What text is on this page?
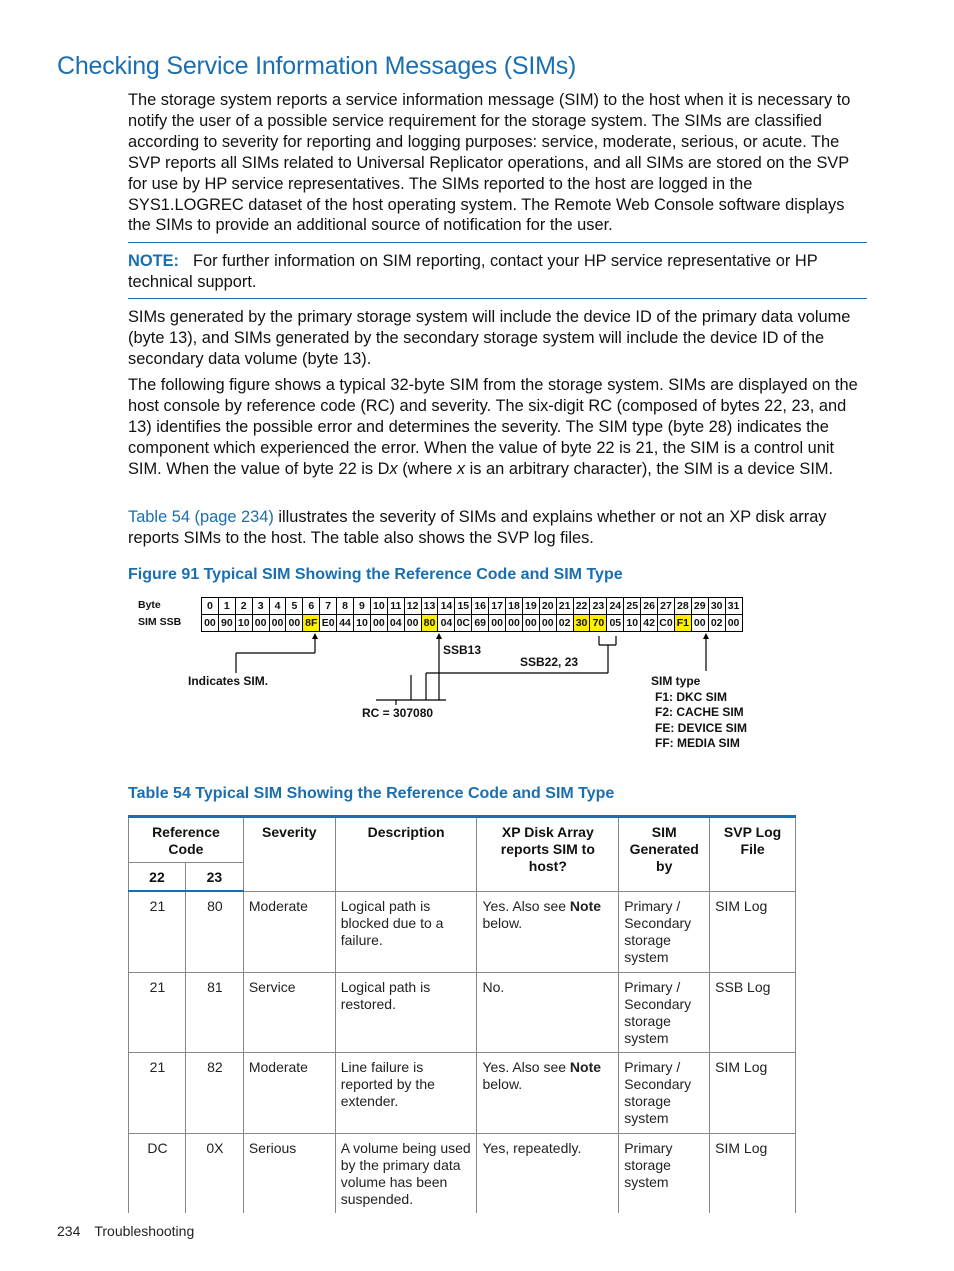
Checking Service Information Messages (SIMs)
The storage system reports a service information message (SIM) to the host when it is necessary to notify the user of a possible service requirement for the storage system. The SIMs are classified according to severity for reporting and logging purposes: service, moderate, serious, or acute. The SVP reports all SIMs related to Universal Replicator operations, and all SIMs are stored on the SVP for use by HP service representatives. The SIMs reported to the host are logged in the SYS1.LOGREC dataset of the host operating system. The Remote Web Console software displays the SIMs to provide an additional source of notification for the user.
NOTE: For further information on SIM reporting, contact your HP service representative or HP technical support.
SIMs generated by the primary storage system will include the device ID of the primary data volume (byte 13), and SIMs generated by the secondary storage system will include the device ID of the secondary data volume (byte 13).
The following figure shows a typical 32-byte SIM from the storage system. SIMs are displayed on the host console by reference code (RC) and severity. The six-digit RC (composed of bytes 22, 23, and 13) identifies the possible error and determines the severity. The SIM type (byte 28) indicates the component which experienced the error. When the value of byte 22 is 21, the SIM is a control unit SIM. When the value of byte 22 is Dx (where x is an arbitrary character), the SIM is a device SIM.
Table 54 (page 234) illustrates the severity of SIMs and explains whether or not an XP disk array reports SIMs to the host. The table also shows the SVP log files.
Figure 91 Typical SIM Showing the Reference Code and SIM Type
Byte	0	1	2	3	4	5	6	7	8	9 10 11 12 13 14 15 16 17 18 19 20 21 22 23 24 25 26 27 28 29 30 31
SIM SSB	00 90 10 00 00 00 8F E0 44 10 00 04 00 80 04 0C 69 00 00 00 00 02 30 70 05 10 42 C0 F1 00 02 00
Indicates SIM.
SSB13
SSB22, 23
RC = 307080
SIM type
F1: DKC SIM
F2: CACHE SIM
FE: DEVICE SIM
FF: MEDIA SIM
Table 54 Typical SIM Showing the Reference Code and SIM Type
Reference Code		Severity	Description	XP Disk Array reports SIM to host?	SIM Generated by	SVP Log File
22	23					
21	80	Moderate	Logical path is blocked due to a failure.	Yes. Also see Note below.	Primary / Secondary storage system	SIM Log
21	81	Service	Logical path is restored.	No.	Primary / Secondary storage system	SSB Log
21	82	Moderate	Line failure is reported by the extender.	Yes. Also see Note below.	Primary / Secondary storage system	SIM Log
DC	0X	Serious	A volume being used by the primary data volume has been suspended.	Yes, repeatedly.	Primary storage system	SIM Log
234 Troubleshooting
